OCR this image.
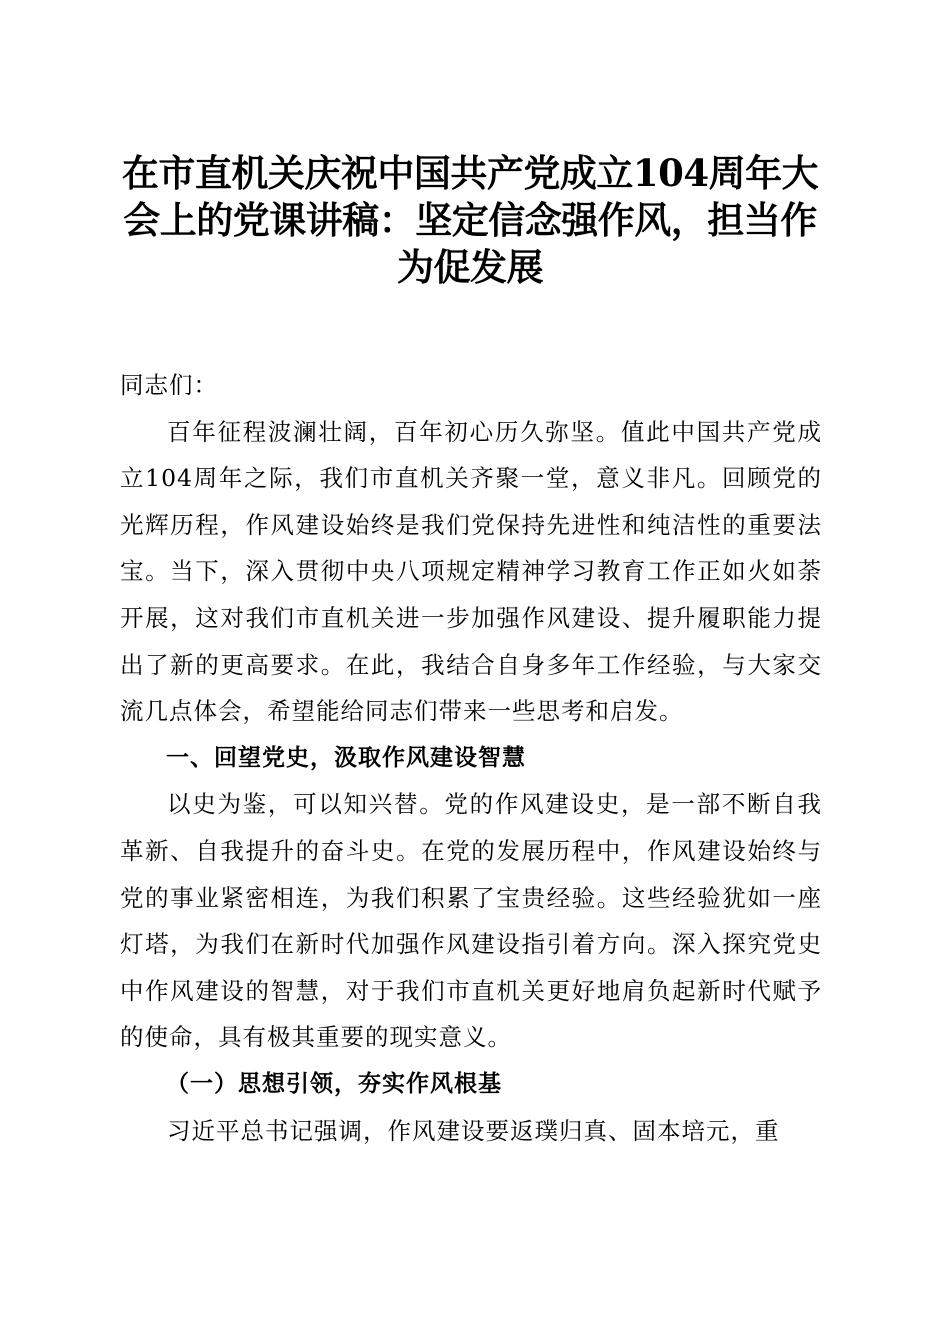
在市直机关庆祝中国共产党成立104周年大会上的党课讲稿：坚定信念强作风，担当作为促发展

同志们：

百年征程波澜壮阔，百年初心历久弥坚。值此中国共产党成立104周年之际，我们市直机关齐聚一堂，意义非凡。回顾党的光辉历程，作风建设始终是我们党保持先进性和纯洁性的重要法宝。当下，深入贯彻中央八项规定精神学习教育工作正如火如荼开展，这对我们市直机关进一步加强作风建设、提升履职能力提出了新的更高要求。在此，我结合自身多年工作经验，与大家交流几点体会，希望能给同志们带来一些思考和启发。

一、回望党史，汲取作风建设智慧

以史为鉴，可以知兴替。党的作风建设史，是一部不断自我革新、自我提升的奋斗史。在党的发展历程中，作风建设始终与党的事业紧密相连，为我们积累了宝贵经验。这些经验犹如一座灯塔，为我们在新时代加强作风建设指引着方向。深入探究党史中作风建设的智慧，对于我们市直机关更好地肩负起新时代赋予的使命，具有极其重要的现实意义。

（一）思想引领，夯实作风根基

习近平总书记强调，作风建设要返璞归真、固本培元，重
